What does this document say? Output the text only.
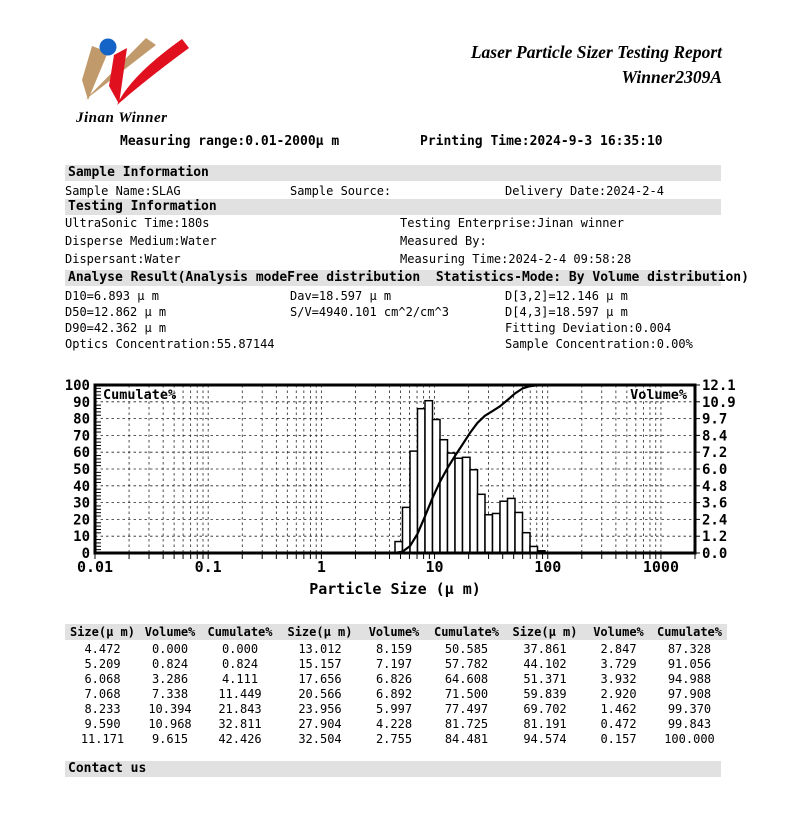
Jinan Winner
Laser Particle Sizer Testing Report
Winner2309A
Measuring range:0.01-2000μ m	Printing Time:2024-9-3 16:35:10
Sample Information
Sample Name:SLAG	Sample Source:	Delivery Date:2024-2-4
Testing Information
UltraSonic Time:180s
Disperse Medium:Water
Dispersant:Water
Testing Enterprise:Jinan winner
Measured By:
Measuring Time:2024-2-4 09:58:28
Analyse Result(Analysis modeFree distribution  Statistics-Mode: By Volume distribution)
D10=6.893 μ m
D50=12.862 μ m
D90=42.362 μ m
Optics Concentration:55.87144
Dav=18.597 μ m
S/V=4940.101 cm^2/cm^3
D[3,2]=12.146 μ m
D[4,3]=18.597 μ m
Fitting Deviation:0.004
Sample Concentration:0.00%
0
10
20
30
40
50
60
70
80
90
100
0.0
1.2
2.4
3.6
4.8
6.0
7.2
8.4
9.7
10.9
12.1
0.01	0.1	1	10	100	1000
Cumulate%	Volume%
Particle Size (μ m)
Size(μ m) Volume%	Cumulate%	Size(μ m)	Volume%	Cumulate%	Size(μ m)	Volume%	Cumulate%
4.472	0.000	0.000	13.012	8.159	50.585	37.861	2.847	87.328
5.209	0.824	0.824	15.157	7.197	57.782	44.102	3.729	91.056
6.068	3.286	4.111	17.656	6.826	64.608	51.371	3.932	94.988
7.068	7.338	11.449	20.566	6.892	71.500	59.839	2.920	97.908
8.233	10.394	21.843	23.956	5.997	77.497	69.702	1.462	99.370
9.590	10.968	32.811	27.904	4.228	81.725	81.191	0.472	99.843
11.171	9.615	42.426	32.504	2.755	84.481	94.574	0.157	100.000
Contact us
